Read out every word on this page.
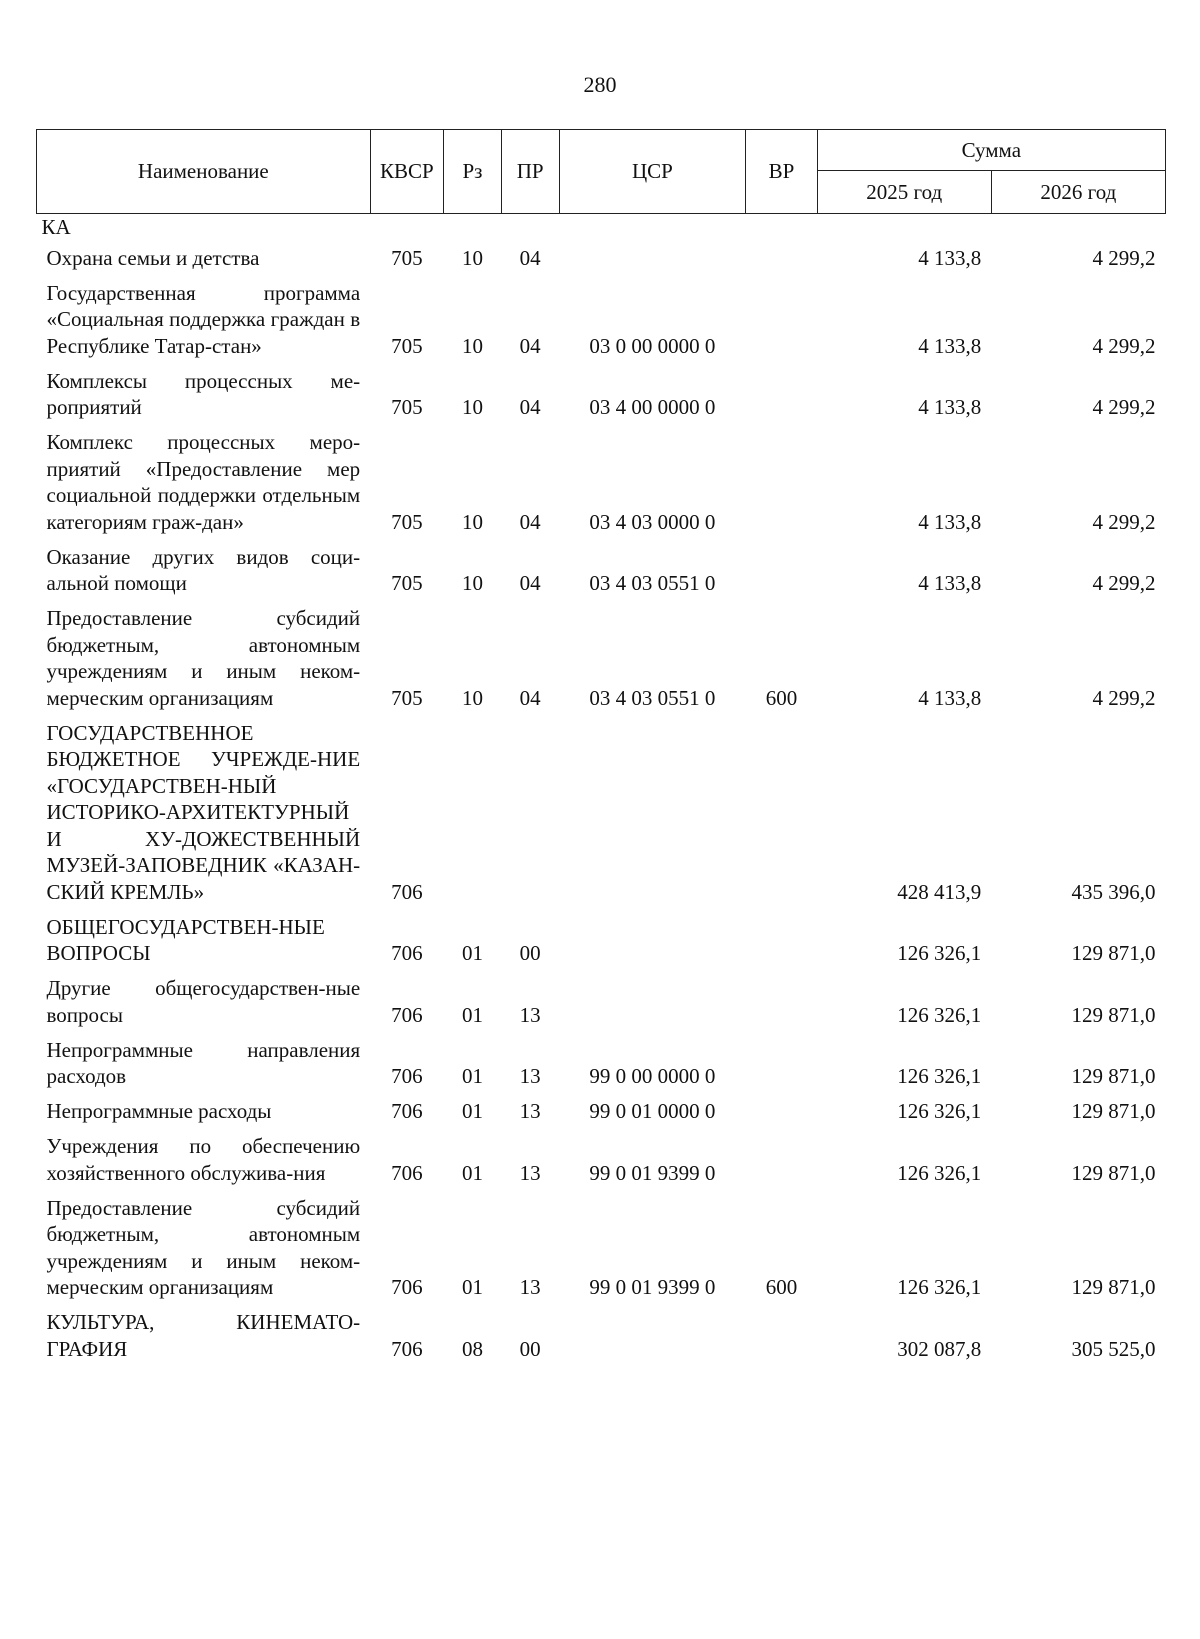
280
Наименование	КВСР	Рз	ПР	ЦСР	ВР	Сумма	
						2025 год	2026 год
КА							
Охрана семьи и детства	705	10	04			4 133,8	4 299,2
Государственная программа «Социальная поддержка граждан в Республике Татар-стан»	705	10	04	03 0 00 0000 0		4 133,8	4 299,2
Комплексы процессных ме-роприятий	705	10	04	03 4 00 0000 0		4 133,8	4 299,2
Комплекс процессных меро-приятий «Предоставление мер социальной поддержки отдельным категориям граж-дан»	705	10	04	03 4 03 0000 0		4 133,8	4 299,2
Оказание других видов соци-альной помощи	705	10	04	03 4 03 0551 0		4 133,8	4 299,2
Предоставление субсидий бюджетным, автономным учреждениям и иным неком-мерческим организациям	705	10	04	03 4 03 0551 0	600	4 133,8	4 299,2
ГОСУДАРСТВЕННОЕ БЮДЖЕТНОЕ УЧРЕЖДЕ-НИЕ «ГОСУДАРСТВЕН-НЫЙ ИСТОРИКО-АРХИТЕКТУРНЫЙ И ХУ-ДОЖЕСТВЕННЫЙ МУЗЕЙ-ЗАПОВЕДНИК «КАЗАН-СКИЙ КРЕМЛЬ»	706					428 413,9	435 396,0
ОБЩЕГОСУДАРСТВЕН-НЫЕ ВОПРОСЫ	706	01	00			126 326,1	129 871,0
Другие общегосударствен-ные вопросы	706	01	13			126 326,1	129 871,0
Непрограммные направления расходов	706	01	13	99 0 00 0000 0		126 326,1	129 871,0
Непрограммные расходы	706	01	13	99 0 01 0000 0		126 326,1	129 871,0
Учреждения по обеспечению хозяйственного обслужива-ния	706	01	13	99 0 01 9399 0		126 326,1	129 871,0
Предоставление субсидий бюджетным, автономным учреждениям и иным неком-мерческим организациям	706	01	13	99 0 01 9399 0	600	126 326,1	129 871,0
КУЛЬТУРА, КИНЕМАТО-ГРАФИЯ	706	08	00			302 087,8	305 525,0
